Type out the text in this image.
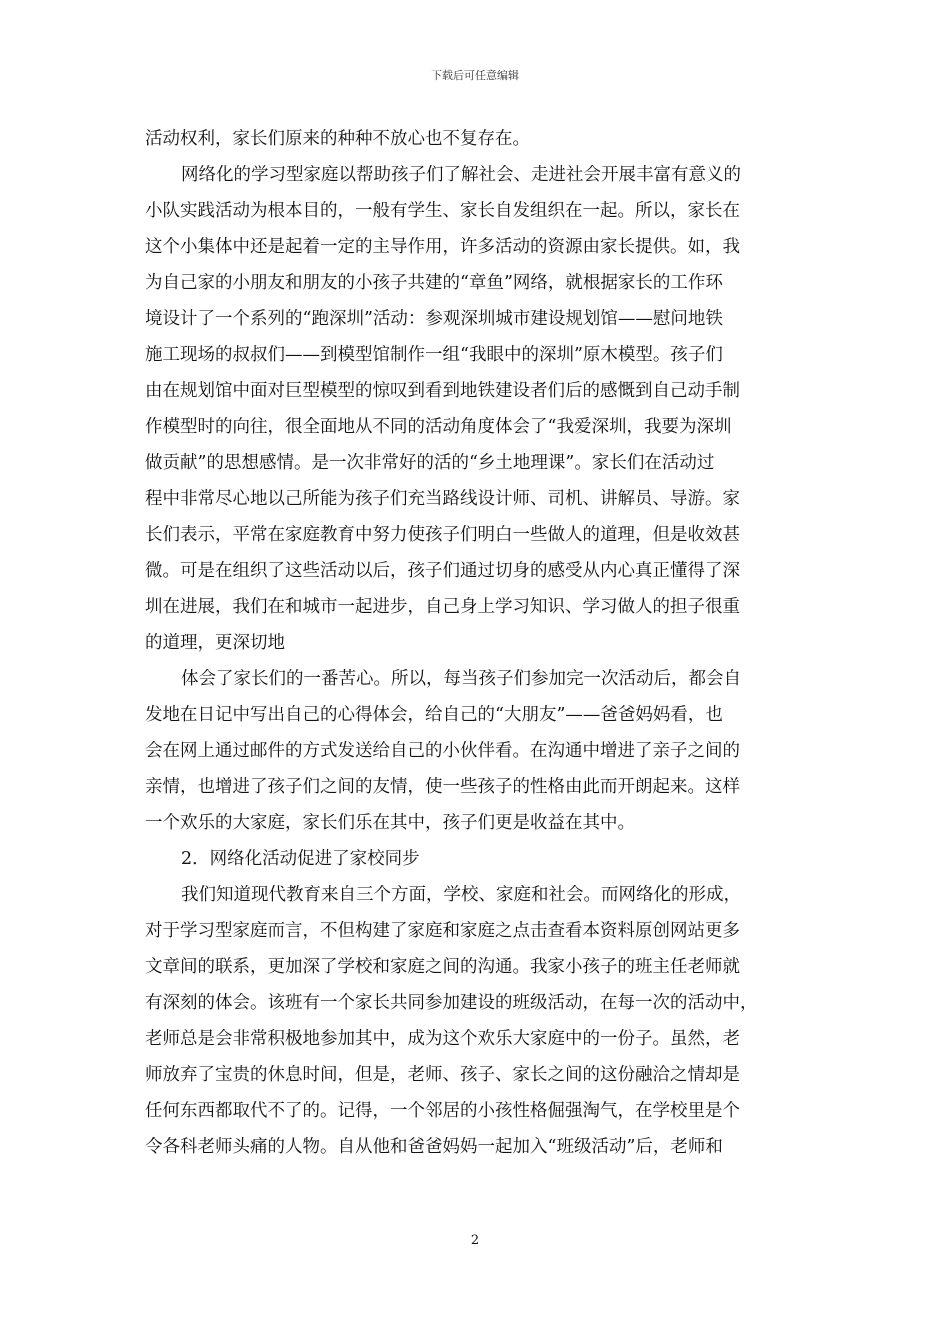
下载后可任意编辑
活动权利，家长们原来的种种不放心也不复存在。
网络化的学习型家庭以帮助孩子们了解社会、走进社会开展丰富有意义的
小队实践活动为根本目的，一般有学生、家长自发组织在一起。所以，家长在
这个小集体中还是起着一定的主导作用，许多活动的资源由家长提供。如，我
为自己家的小朋友和朋友的小孩子共建的“章鱼”网络，就根据家长的工作环
境设计了一个系列的“跑深圳”活动：参观深圳城市建设规划馆——慰问地铁
施工现场的叔叔们——到模型馆制作一组“我眼中的深圳”原木模型。孩子们
由在规划馆中面对巨型模型的惊叹到看到地铁建设者们后的感慨到自己动手制
作模型时的向往，很全面地从不同的活动角度体会了“我爱深圳，我要为深圳
做贡献”的思想感情。是一次非常好的活的“乡土地理课”。家长们在活动过
程中非常尽心地以己所能为孩子们充当路线设计师、司机、讲解员、导游。家
长们表示，平常在家庭教育中努力使孩子们明白一些做人的道理，但是收效甚
微。可是在组织了这些活动以后，孩子们通过切身的感受从内心真正懂得了深
圳在进展，我们在和城市一起进步，自己身上学习知识、学习做人的担子很重
的道理，更深切地
体会了家长们的一番苦心。所以，每当孩子们参加完一次活动后，都会自
发地在日记中写出自己的心得体会，给自己的“大朋友”——爸爸妈妈看，也
会在网上通过邮件的方式发送给自己的小伙伴看。在沟通中增进了亲子之间的
亲情，也增进了孩子们之间的友情，使一些孩子的性格由此而开朗起来。这样
一个欢乐的大家庭，家长们乐在其中，孩子们更是收益在其中。
2．网络化活动促进了家校同步
我们知道现代教育来自三个方面，学校、家庭和社会。而网络化的形成，
对于学习型家庭而言，不但构建了家庭和家庭之点击查看本资料原创网站更多
文章间的联系，更加深了学校和家庭之间的沟通。我家小孩子的班主任老师就
有深刻的体会。该班有一个家长共同参加建设的班级活动，在每一次的活动中，
老师总是会非常积极地参加其中，成为这个欢乐大家庭中的一份子。虽然，老
师放弃了宝贵的休息时间，但是，老师、孩子、家长之间的这份融洽之情却是
任何东西都取代不了的。记得，一个邻居的小孩性格倔强淘气，在学校里是个
令各科老师头痛的人物。自从他和爸爸妈妈一起加入“班级活动”后，老师和
2
